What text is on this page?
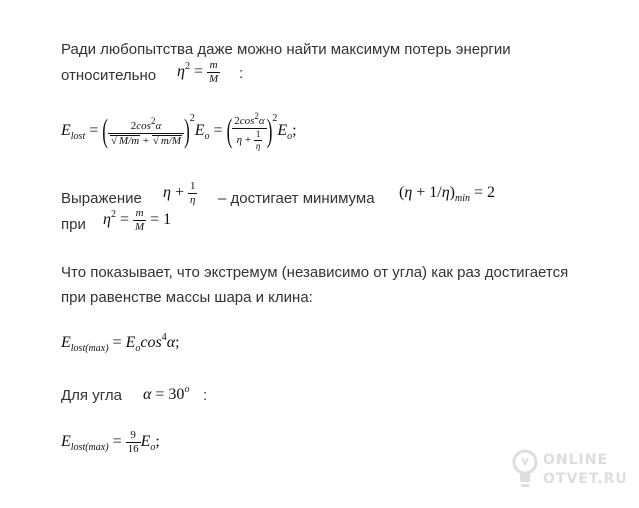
Ради любопытства даже можно найти максимум потерь энергии
относительно $\eta^2 = \frac{m}{M}$ :
$E_{lost}$ = ( $\frac{2\cos^2\alpha}{√ M/m + √ m/M} )^2E_o$ = ( $\frac{2\cos^2\alpha}{\eta + \frac{1}{\eta}} )^2E_o$;
Выражение $\eta + \frac{1}{\eta}$ – достигает минимума $(\eta + 1/\eta)_{min} = 2$
при $\eta^2 = \frac{m}{M} = 1$
Что показывает, что экстремум (независимо от угла) как раз достигается
при равенстве массы шара и клина:
$E_{lost(max)} = E_o\cos^4\alpha$;
Для угла $\alpha = 30^o$ :
$E_{lost(max)} = \frac{9}{16} E_o$;
ONLINE
OTVET.RU
